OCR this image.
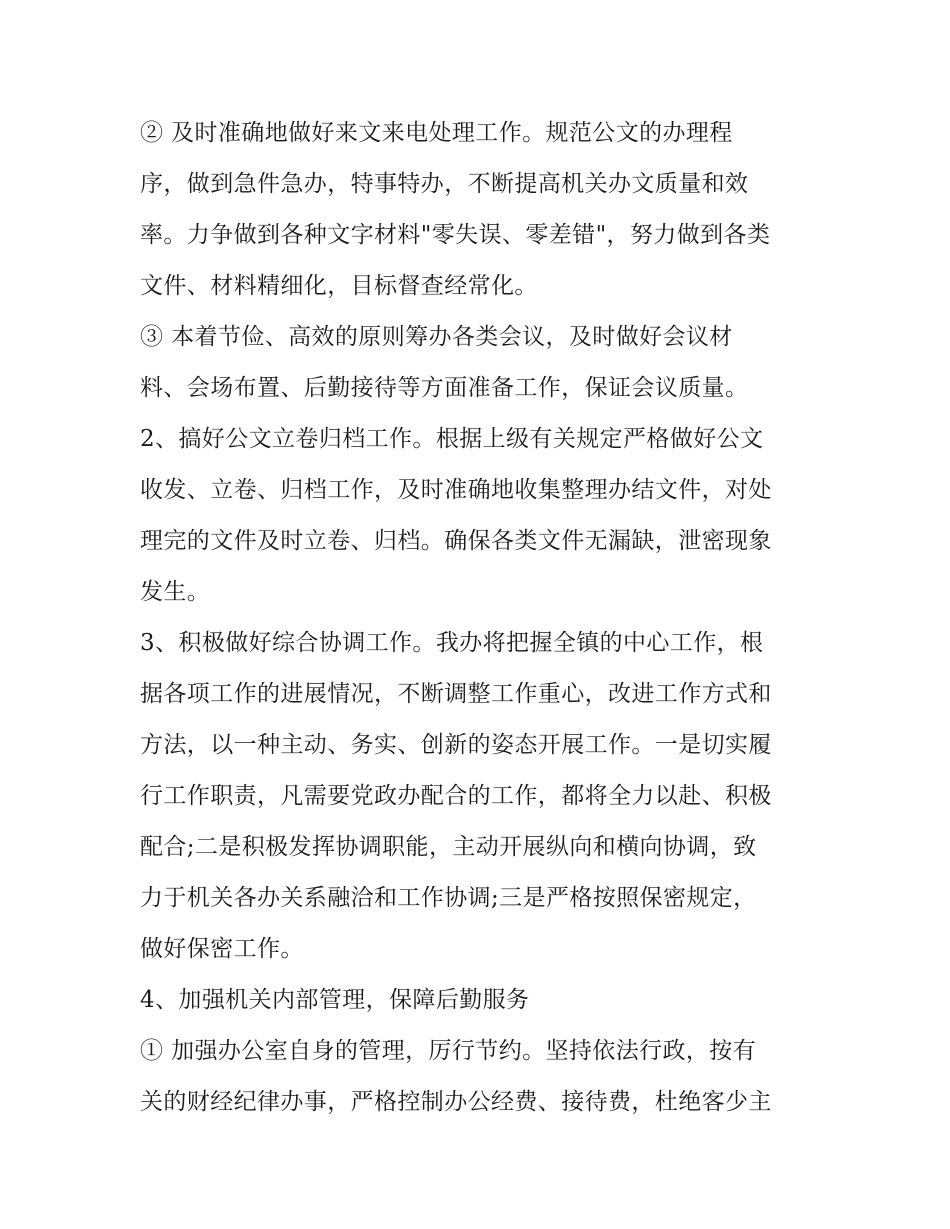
② 及时准确地做好来文来电处理工作。规范公文的办理程
序，做到急件急办，特事特办，不断提高机关办文质量和效
率。力争做到各种文字材料"零失误、零差错"，努力做到各类
文件、材料精细化，目标督查经常化。
③ 本着节俭、高效的原则筹办各类会议，及时做好会议材
料、会场布置、后勤接待等方面准备工作，保证会议质量。
2、搞好公文立卷归档工作。根据上级有关规定严格做好公文
收发、立卷、归档工作，及时准确地收集整理办结文件，对处
理完的文件及时立卷、归档。确保各类文件无漏缺，泄密现象
发生。
3、积极做好综合协调工作。我办将把握全镇的中心工作，根
据各项工作的进展情况，不断调整工作重心，改进工作方式和
方法，以一种主动、务实、创新的姿态开展工作。一是切实履
行工作职责，凡需要党政办配合的工作，都将全力以赴、积极
配合;二是积极发挥协调职能，主动开展纵向和横向协调，致
力于机关各办关系融洽和工作协调;三是严格按照保密规定，
做好保密工作。
4、加强机关内部管理，保障后勤服务
① 加强办公室自身的管理，厉行节约。坚持依法行政，按有
关的财经纪律办事，严格控制办公经费、接待费，杜绝客少主
